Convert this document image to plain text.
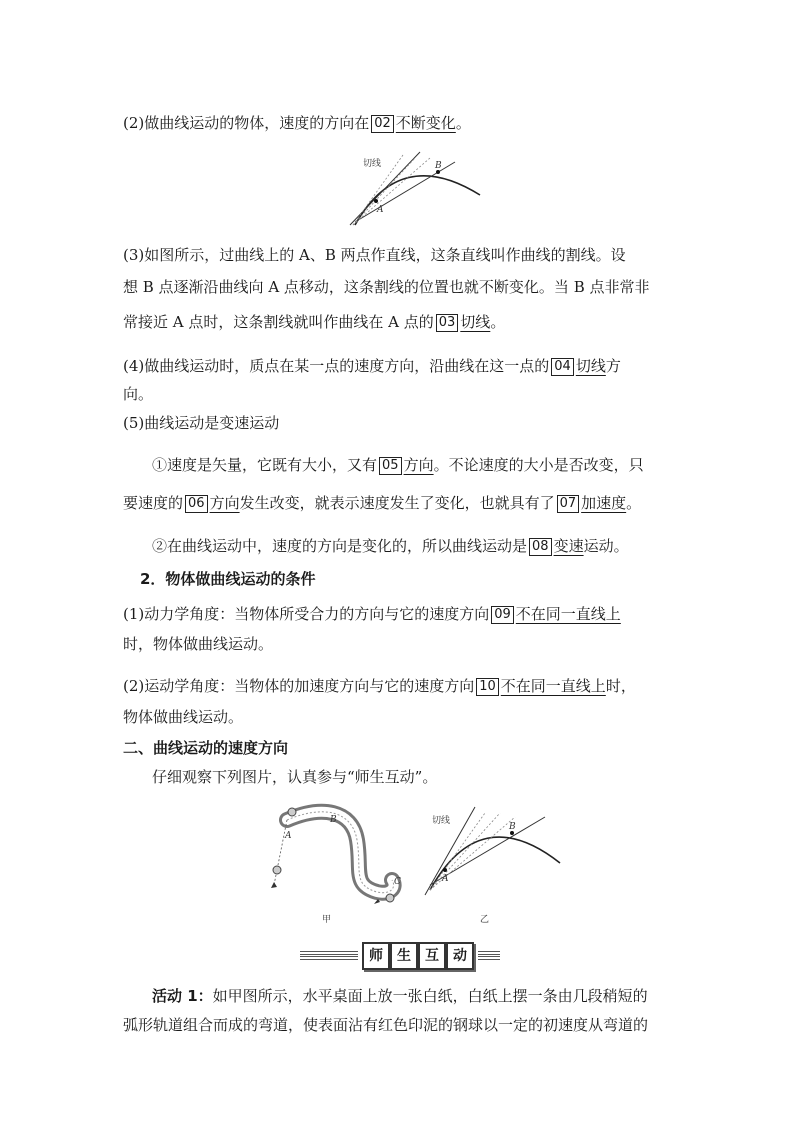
(2)做曲线运动的物体，速度的方向在 02 不断变化。
切线
A
B
(3)如图所示，过曲线上的 A、B 两点作直线，这条直线叫作曲线的割线。设
想 B 点逐渐沿曲线向 A 点移动，这条割线的位置也就不断变化。当 B 点非常非
常接近 A 点时，这条割线就叫作曲线在 A 点的 03 切线。
(4)做曲线运动时，质点在某一点的速度方向，沿曲线在这一点的 04 切线方
向。
(5)曲线运动是变速运动
①速度是矢量，它既有大小，又有 05 方向。不论速度的大小是否改变，只
要速度的 06 方向发生改变，就表示速度发生了变化，也就具有了 07 加速度。
②在曲线运动中，速度的方向是变化的，所以曲线运动是 08 变速运动。
2．物体做曲线运动的条件
(1)动力学角度：当物体所受合力的方向与它的速度方向 09 不在同一直线上
时，物体做曲线运动。
(2)运动学角度：当物体的加速度方向与它的速度方向 10 不在同一直线上时，
物体做曲线运动。
二、曲线运动的速度方向
仔细观察下列图片，认真参与“师生互动”。
B
A
C
甲
切线
A
B
乙
师	生	互	动
活动 1：如甲图所示，水平桌面上放一张白纸，白纸上摆一条由几段稍短的
弧形轨道组合而成的弯道，使表面沾有红色印泥的钢球以一定的初速度从弯道的
